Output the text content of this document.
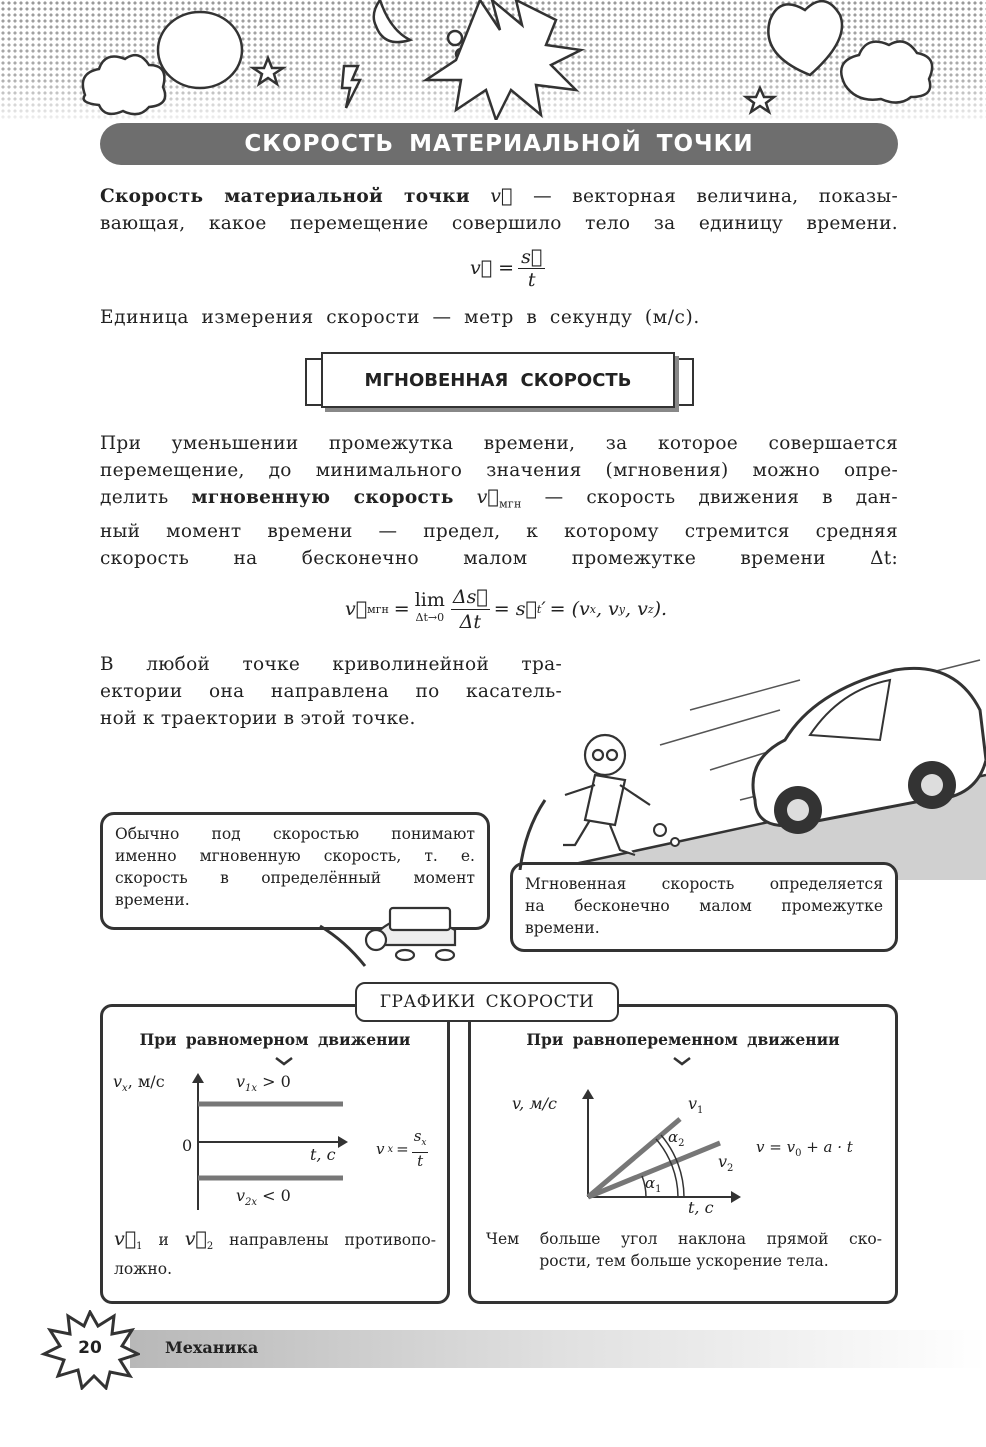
СКОРОСТЬ МАТЕРИАЛЬНОЙ ТОЧКИ
Скорость материальной точки v⃗ — векторная величина, показы-
вающая, какое перемещение совершило тело за единицу времени.
v⃗ = $\frac{s⃗}{t}$
Единица измерения скорости — метр в секунду (м/с).
МГНОВЕННАЯ СКОРОСТЬ
При уменьшении промежутка времени, за которое совершается
перемещение, до минимального значения (мгновения) можно опре-
делить мгновенную скорость $v⃗_{мгн}$ — скорость движения в дан-
ный момент времени — предел, к которому стремится средняя
скорость на бесконечно малом промежутке времени Δt:
v⃗ мгн = lim
$\Delta t\to 0 \frac{\Delta s⃗}{\Delta t}$ = s⃗ t ′ = (v x , v y , v z ).
В любой точке криволинейной тра-
ектории она направлена по касатель-
ной к траектории в этой точке.
Обычно под скоростью понимают
именно мгновенную скорость, т. е.
скорость в определённый момент
времени.
Мгновенная скорость определяется
на бесконечно малом промежутке
времени.
ГРАФИКИ СКОРОСТИ
При равномерном движении
$v_x$, м/с	$v_{1x} > 0$
0	t, с
$v_{2x} < 0$
v $x = \frac{s_x}{t}$
$v⃗_1$ и $v⃗_2$ направлены противопо-
ложно.
При равнопеременном движении
v, м/с	$v_1$
$v_2$
$\alpha_2$
$\alpha_1$
t, с
$v = v_0 + a \cdot t$
Чем больше угол наклона прямой ско-
рости, тем больше ускорение тела.
20	Механика
